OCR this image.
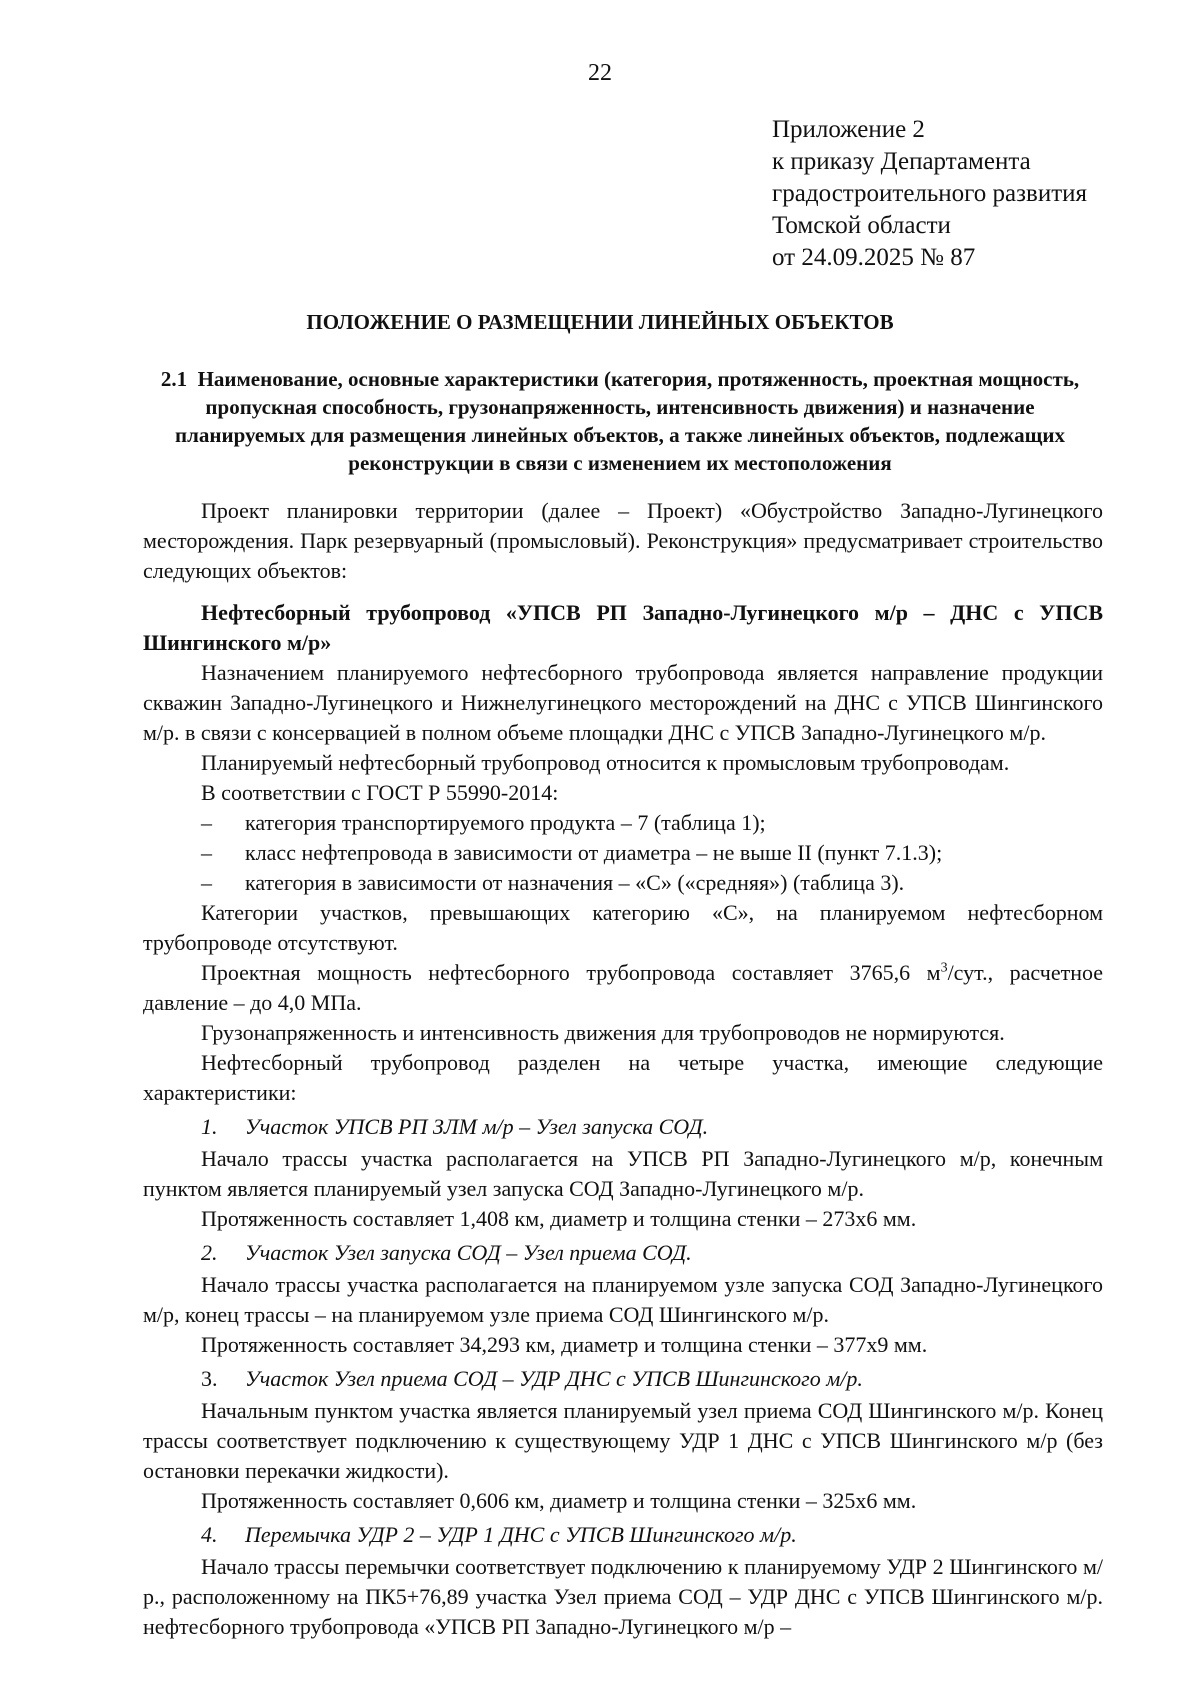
22
Приложение 2
к приказу Департамента
градостроительного развития
Томской области
от 24.09.2025 № 87
ПОЛОЖЕНИЕ О РАЗМЕЩЕНИИ ЛИНЕЙНЫХ ОБЪЕКТОВ
2.1 Наименование, основные характеристики (категория, протяженность, проектная мощность, пропускная способность, грузонапряженность, интенсивность движения) и назначение планируемых для размещения линейных объектов, а также линейных объектов, подлежащих реконструкции в связи с изменением их местоположения

Проект планировки территории (далее – Проект) «Обустройство Западно-Лугинецкого месторождения. Парк резервуарный (промысловый). Реконструкция» предусматривает строительство следующих объектов:

Нефтесборный трубопровод «УПСВ РП Западно-Лугинецкого м/р – ДНС с УПСВ Шингинского м/р»

Назначением планируемого нефтесборного трубопровода является направление продукции скважин Западно-Лугинецкого и Нижнелугинецкого месторождений на ДНС с УПСВ Шингинского м/р. в связи с консервацией в полном объеме площадки ДНС с УПСВ Западно-Лугинецкого м/р.

Планируемый нефтесборный трубопровод относится к промысловым трубопроводам.

В соответствии с ГОСТ Р 55990-2014:

–	категория транспортируемого продукта – 7 (таблица 1);
–	класс нефтепровода в зависимости от диаметра – не выше II (пункт 7.1.3);
–	категория в зависимости от назначения – «С» («средняя») (таблица 3).

Категории участков, превышающих категорию «С», на планируемом нефтесборном трубопроводе отсутствуют.

Проектная мощность нефтесборного трубопровода составляет 3765,6 $м^3$/сут., расчетное давление – до 4,0 МПа.

Грузонапряженность и интенсивность движения для трубопроводов не нормируются.

Нефтесборный трубопровод разделен на четыре участка, имеющие следующие характеристики:

1.	Участок УПСВ РП ЗЛМ м/р – Узел запуска СОД.

Начало трассы участка располагается на УПСВ РП Западно-Лугинецкого м/р, конечным пунктом является планируемый узел запуска СОД Западно-Лугинецкого м/р.

Протяженность составляет 1,408 км, диаметр и толщина стенки – 273х6 мм.

2.	Участок Узел запуска СОД – Узел приема СОД.

Начало трассы участка располагается на планируемом узле запуска СОД Западно-Лугинецкого м/р, конец трассы – на планируемом узле приема СОД Шингинского м/р.

Протяженность составляет 34,293 км, диаметр и толщина стенки – 377х9 мм.

3.	Участок Узел приема СОД – УДР ДНС с УПСВ Шингинского м/р.

Начальным пунктом участка является планируемый узел приема СОД Шингинского м/р. Конец трассы соответствует подключению к существующему УДР 1 ДНС с УПСВ Шингинского м/р (без остановки перекачки жидкости).

Протяженность составляет 0,606 км, диаметр и толщина стенки – 325х6 мм.

4.	Перемычка УДР 2 – УДР 1 ДНС с УПСВ Шингинского м/р.

Начало трассы перемычки соответствует подключению к планируемому УДР 2 Шингинского м/р., расположенному на ПК5+76,89 участка Узел приема СОД – УДР ДНС с УПСВ Шингинского м/р. нефтесборного трубопровода «УПСВ РП Западно-Лугинецкого м/р –
